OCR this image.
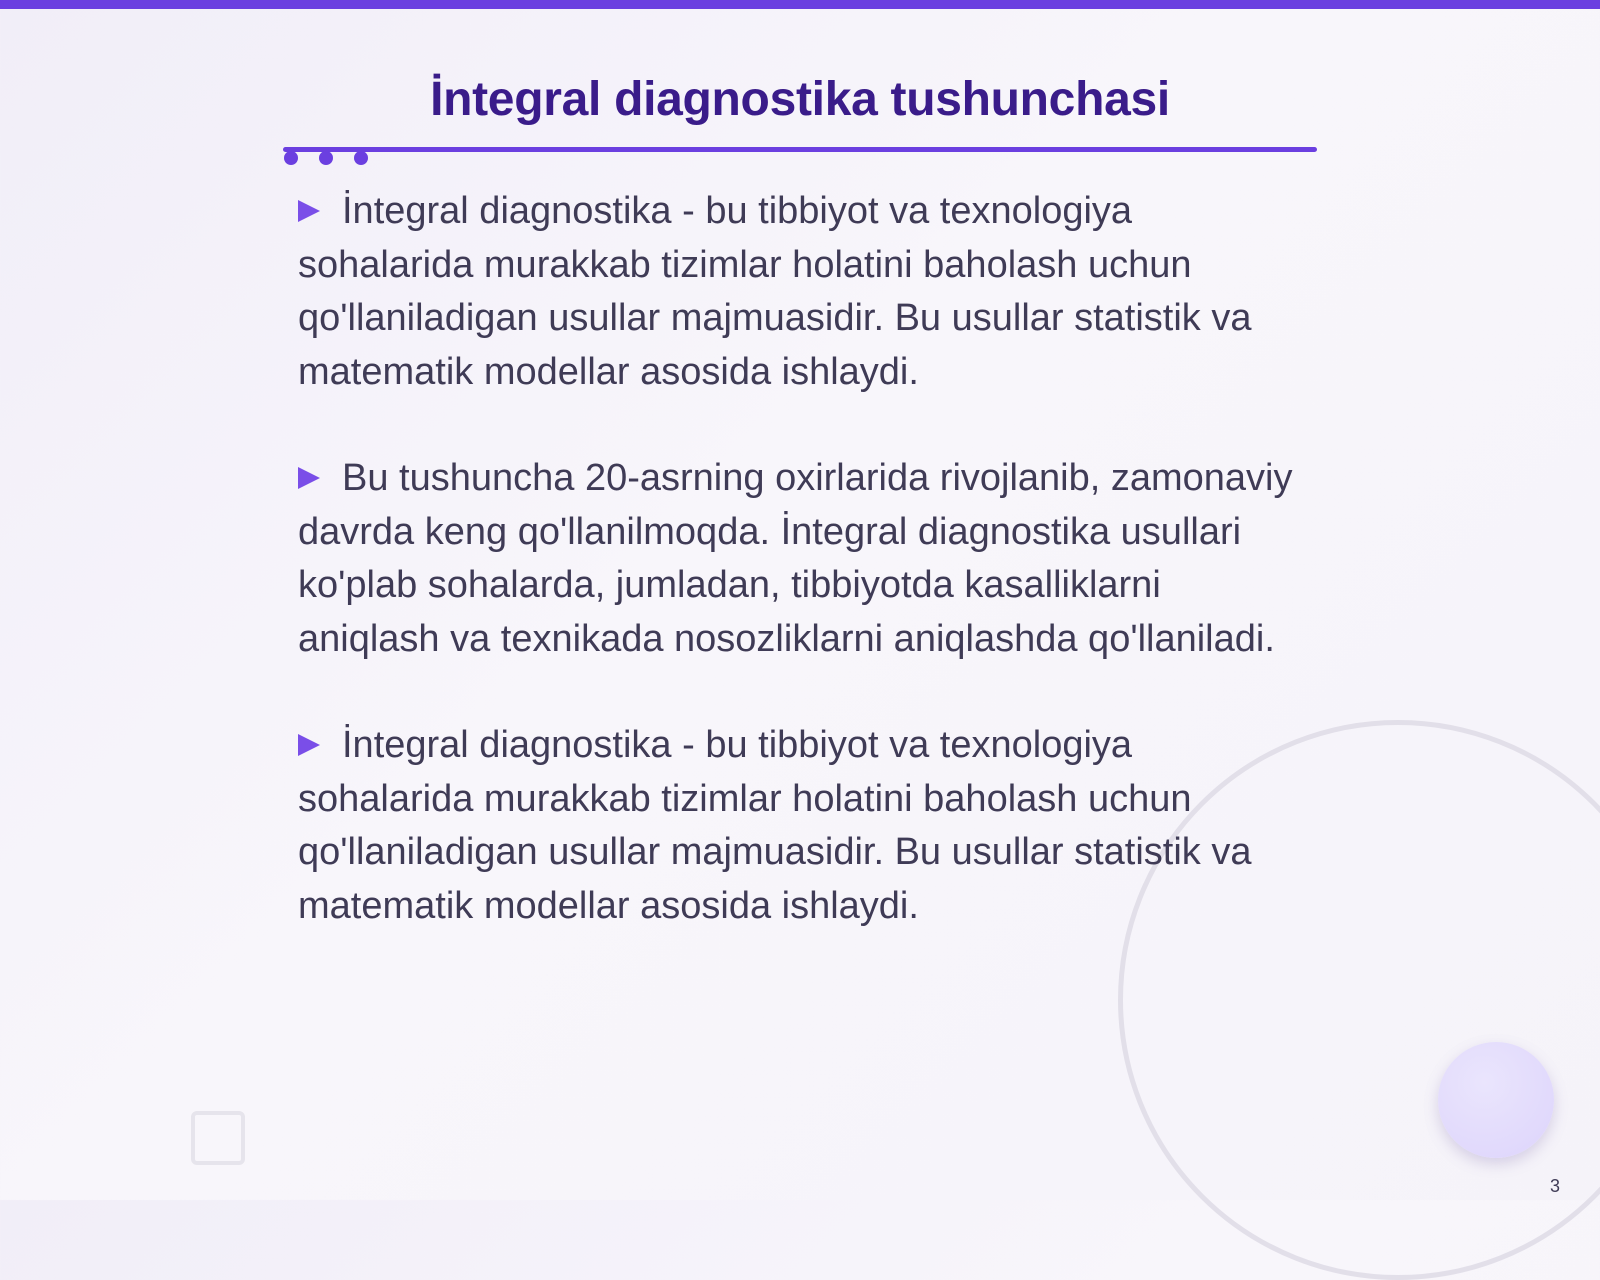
İntegral diagnostika tushunchasi

İntegral diagnostika - bu tibbiyot va texnologiya sohalarida murakkab tizimlar holatini baholash uchun qo'llaniladigan usullar majmuasidir. Bu usullar statistik va matematik modellar asosida ishlaydi.

Bu tushuncha 20-asrning oxirlarida rivojlanib, zamonaviy davrda keng qo'llanilmoqda. İntegral diagnostika usullari ko'plab sohalarda, jumladan, tibbiyotda kasalliklarni aniqlash va texnikada nosozliklarni aniqlashda qo'llaniladi.

İntegral diagnostika - bu tibbiyot va texnologiya sohalarida murakkab tizimlar holatini baholash uchun qo'llaniladigan usullar majmuasidir. Bu usullar statistik va matematik modellar asosida ishlaydi.

3
